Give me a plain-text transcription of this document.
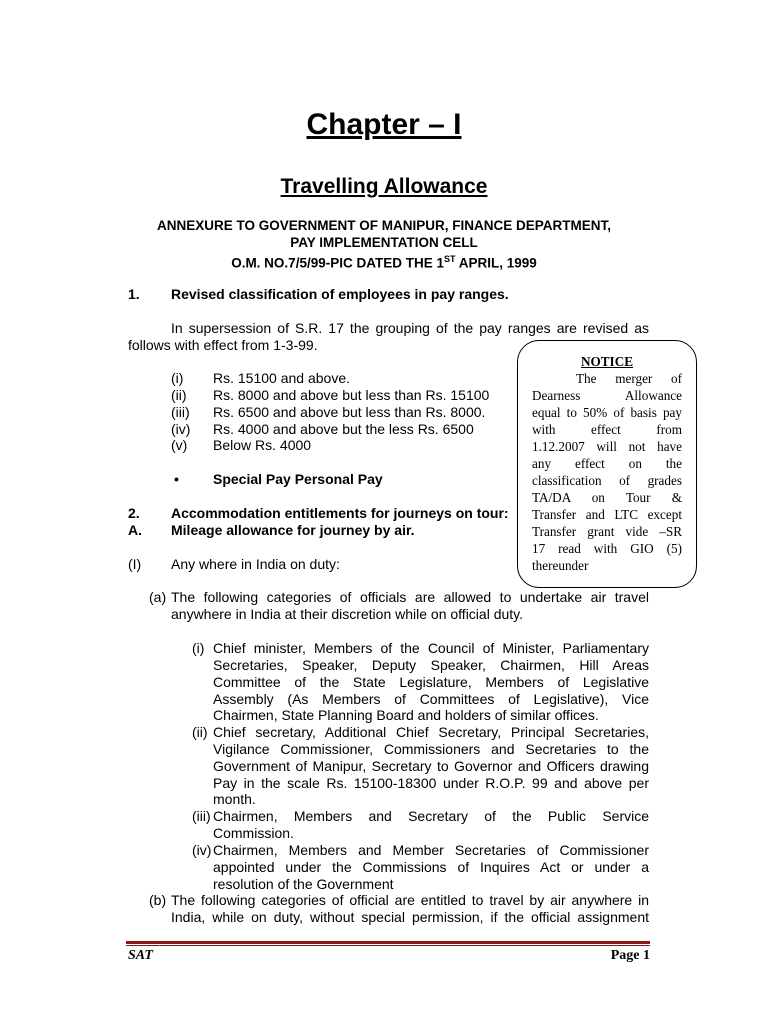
Chapter – I
Travelling Allowance
ANNEXURE TO GOVERNMENT OF MANIPUR, FINANCE DEPARTMENT,
PAY IMPLEMENTATION CELL
O.M. NO.7/5/99-PIC DATED THE 1ST APRIL, 1999
1. Revised classification of employees in pay ranges.
In supersession of S.R. 17 the grouping of the pay ranges are revised as
follows with effect from 1-3-99.
(i) Rs. 15100 and above.
(ii) Rs. 8000 and above but less than Rs. 15100
(iii) Rs. 6500 and above but less than Rs. 8000.
(iv) Rs. 4000 and above but the less Rs. 6500
(v) Below Rs. 4000
• Special Pay Personal Pay
2. Accommodation entitlements for journeys on tour:
A. Mileage allowance for journey by air.
(I) Any where in India on duty:
(a) The following categories of officials are allowed to undertake air travel
anywhere in India at their discretion while on official duty.
(i) Chief minister, Members of the Council of Minister, Parliamentary
Secretaries, Speaker, Deputy Speaker, Chairmen, Hill Areas
Committee of the State Legislature, Members of Legislative
Assembly (As Members of Committees of Legislative), Vice
Chairmen, State Planning Board and holders of similar offices.
(ii) Chief secretary, Additional Chief Secretary, Principal Secretaries,
Vigilance Commissioner, Commissioners and Secretaries to the
Government of Manipur, Secretary to Governor and Officers drawing
Pay in the scale Rs. 15100-18300 under R.O.P. 99 and above per
month.
(iii) Chairmen, Members and Secretary of the Public Service
Commission.
(iv) Chairmen, Members and Member Secretaries of Commissioner
appointed under the Commissions of Inquires Act or under a
resolution of the Government
(b) The following categories of official are entitled to travel by air anywhere in
India, while on duty, without special permission, if the official assignment
NOTICE
The merger of
Dearness Allowance
equal to 50% of basis pay
with effect from
1.12.2007 will not have
any effect on the
classification of grades
TA/DA on Tour &
Transfer and LTC except
Transfer grant vide –SR
17 read with GIO (5)
thereunder
SAT	Page 1
